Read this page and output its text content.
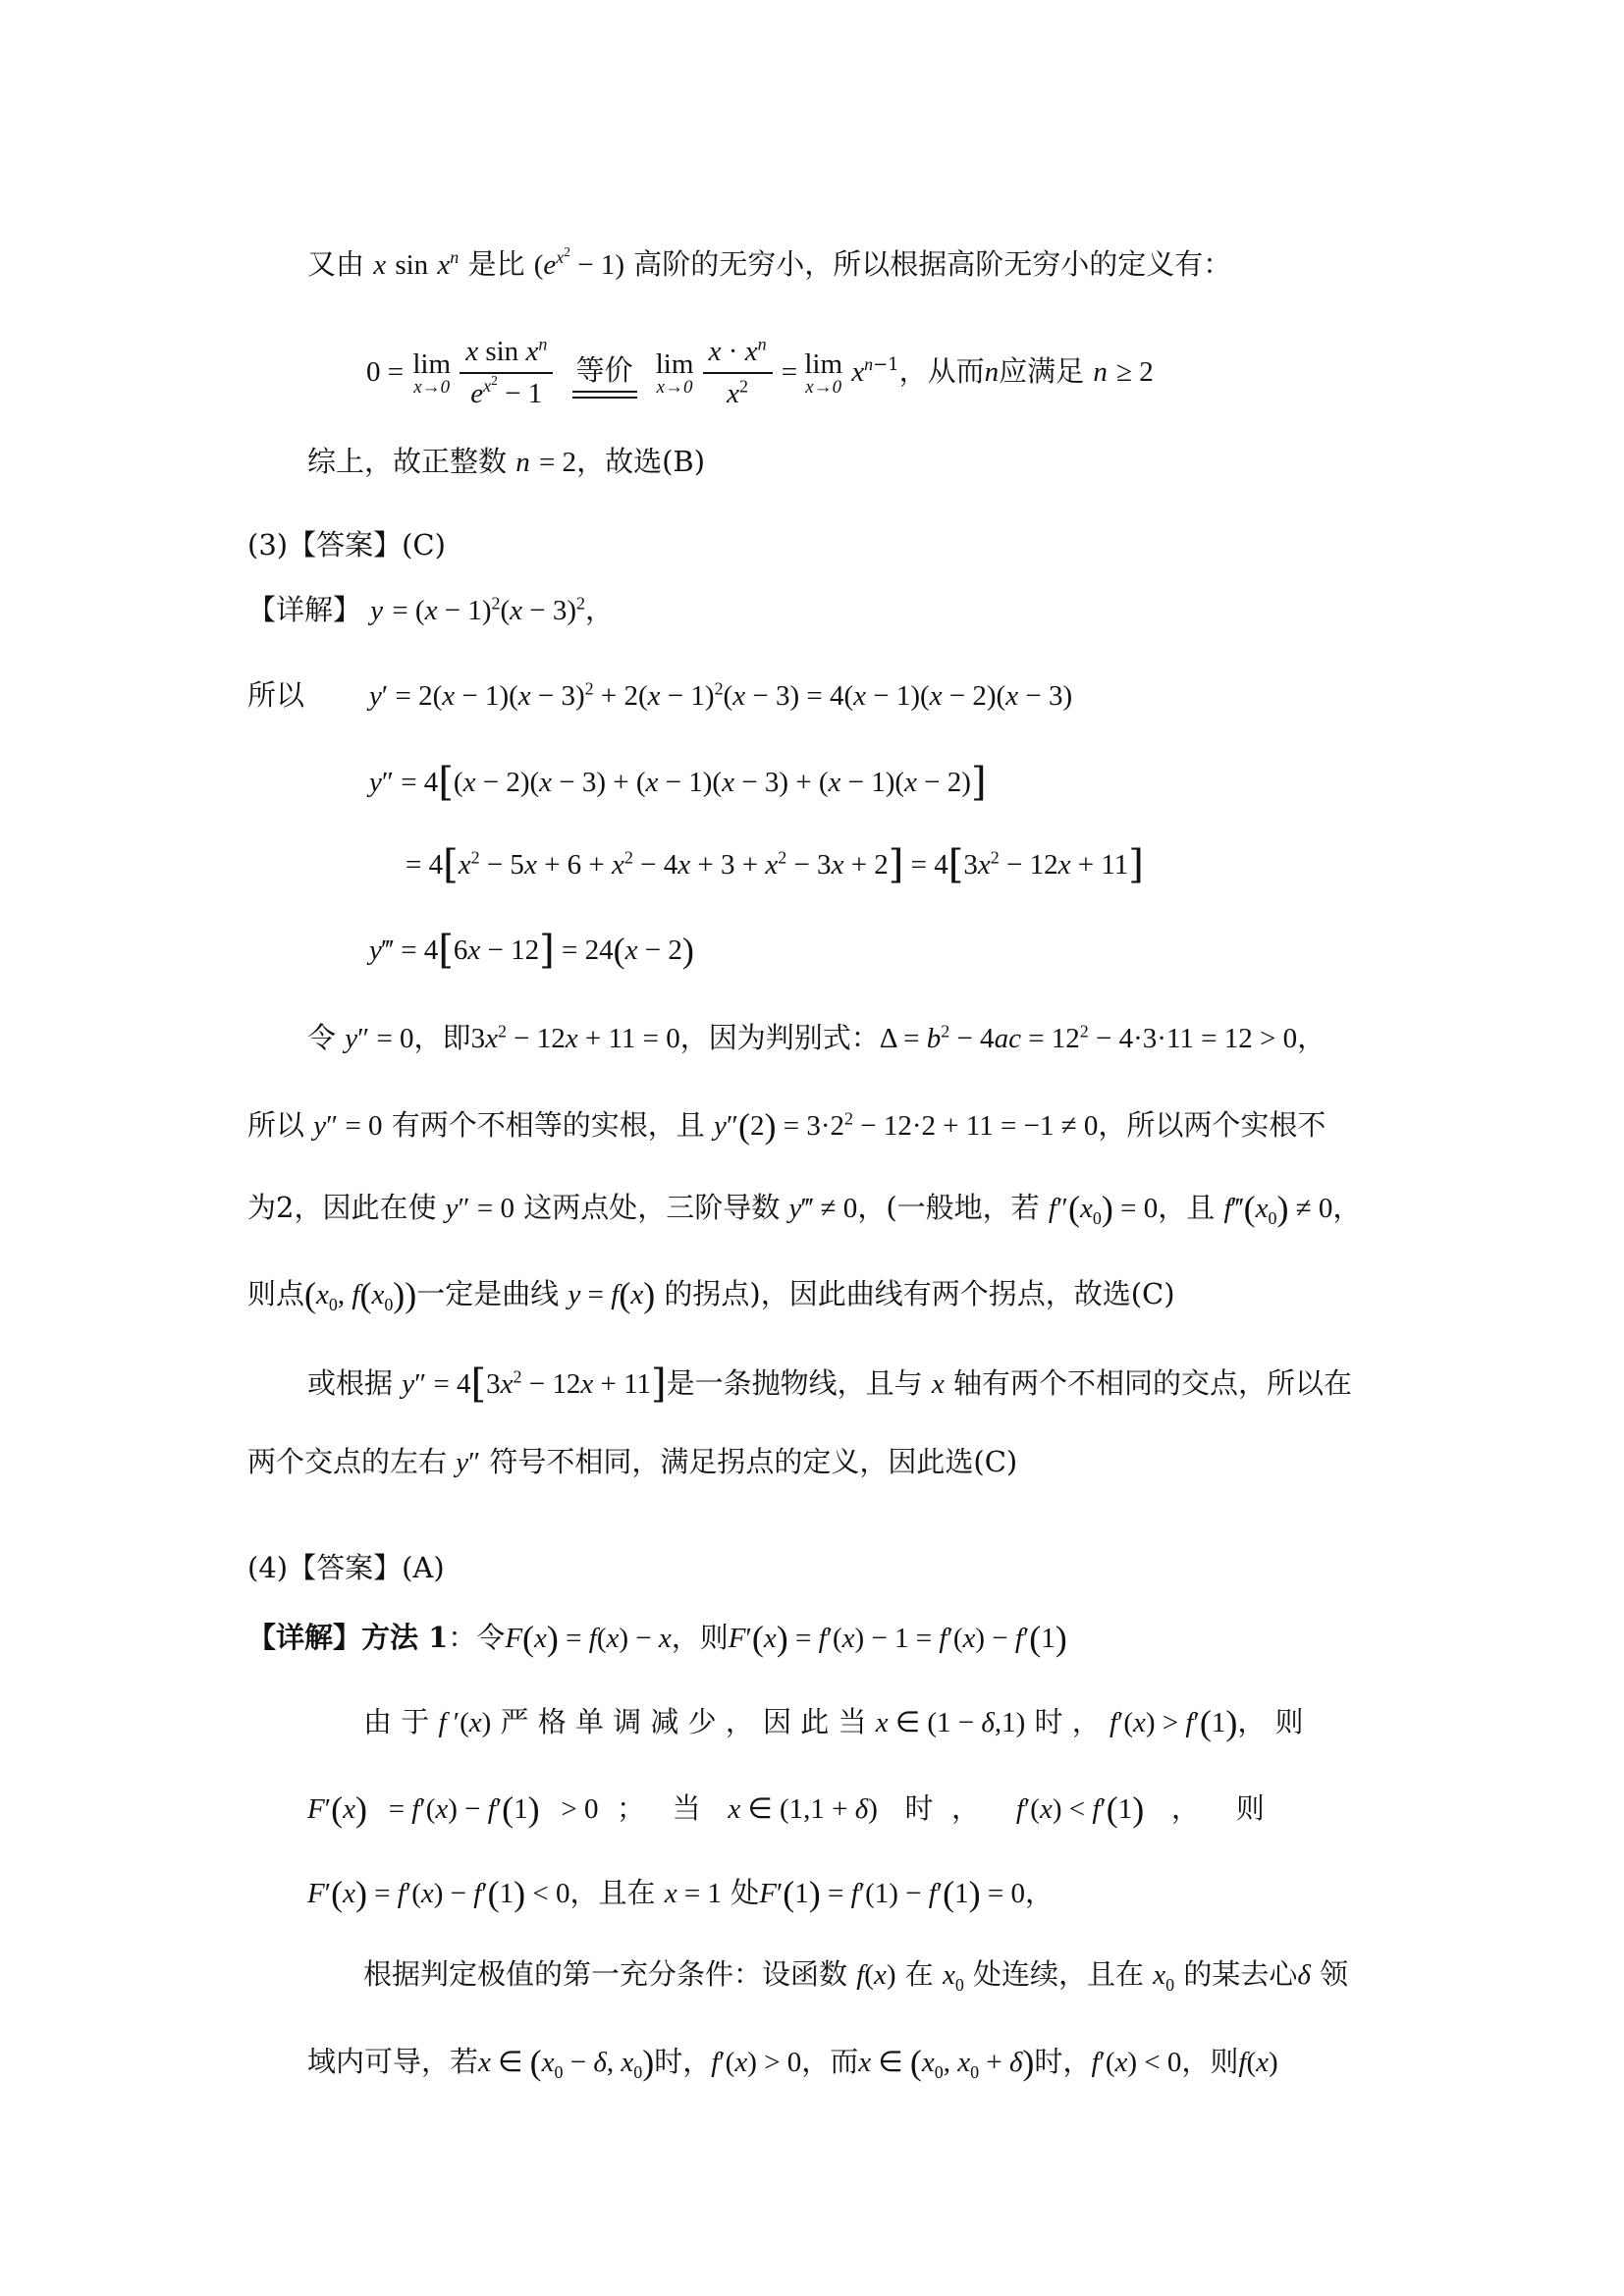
又由 x $\sin x^n$ 是比 $(e^{x^2} - 1)$ 高阶的无穷小，所以根据高阶无穷小的定义有：
0 = lim
x→0
$\frac{x \sin x^n}{e^{x^2} - 1}$
等价
lim
x→0
$\frac{x \cdot x^n}{x^2} = \lim$
x→0 $x^{n-1}$，从而n应满足 n ≥ 2
综上，故正整数 n = 2，故选(B)
(3)【答案】(C)
【详解】 $y = (x - 1)^2(x - 3)^2$，
所以 $y' = 2(x - 1)(x - 3)^2 + 2(x - 1)^2(x - 3) = 4(x - 1)(x - 2)(x - 3)$
y″ = 4[(x − 2)(x − 3) + (x − 1)(x − 3) + (x − 1)(x − 2)]
= $4[x^2 - 5x + 6 + x^2 - 4x + 3 + x^2 - 3x + 2] = 4[3x^2 - 12x + 11]$
y‴ = 4[6x − 12] = 24(x − 2)
令 y″ = 0，即$3x^2 - 12x + 11 = 0$，因为判别式：$\Delta = b^2 - 4ac = 12^2 - 4\cdot 3\cdot 11 = 12 > 0$，
所以 y″ = 0 有两个不相等的实根，且 $y''(2) = 3\cdot 2^2 - 12\cdot 2 + 11 = -1 \ne 0$，所以两个实根不
为2，因此在使 y″ = 0 这两点处，三阶导数 y‴ ≠ 0，(一般地，若 $f''(x_0) = 0$，且 $f‴(x_0) \ne 0$，
则点($x_0$, $f(x_0)$)一定是曲线 y = f(x) 的拐点)，因此曲线有两个拐点，故选(C)
或根据 $y'' = 4[3x^2 - 12x + 11]$是一条抛物线，且与 x 轴有两个不相同的交点，所以在
两个交点的左右 y″ 符号不相同，满足拐点的定义，因此选(C)
(4)【答案】(A)
【详解】方法 1：令F(x) = f(x) − x，则F′(x) = f′(x) − 1 = f′(x) − f′(1)
由 于 f ′(x) 严 格 单 调 减 少 ， 因 此 当 x ∈ (1 − δ,1) 时 ， f′(x) > f′(1)， 则
F′(x)   = f′(x) − f′(1)   > 0 ； 当 x ∈ (1,1 + δ) 时 ， f′(x) < f′(1) ， 则
F′(x) = f′(x) − f′(1) < 0，且在 x = 1 处F′(1) = f′(1) − f′(1) = 0，
根据判定极值的第一充分条件：设函数 f(x) 在 $x_0$ 处连续，且在 $x_0$ 的某去心δ 领
域内可导，若x ∈ ($x_0 - \delta$, $x_0$)时，f′(x) > 0，而x ∈ ($x_0$, $x_0 + \delta$)时，f′(x) < 0，则f(x)
